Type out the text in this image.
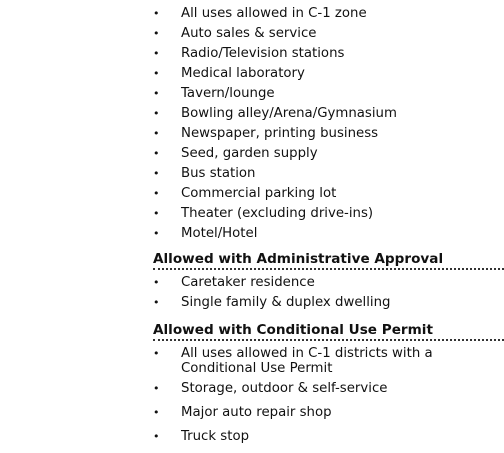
• All uses allowed in C-1 zone
• Auto sales & service
• Radio/Television stations
• Medical laboratory
• Tavern/lounge
• Bowling alley/Arena/Gymnasium
• Newspaper, printing business
• Seed, garden supply
• Bus station
• Commercial parking lot
• Theater (excluding drive-ins)
• Motel/Hotel
Allowed with Administrative Approval
• Caretaker residence
• Single family & duplex dwelling
Allowed with Conditional Use Permit
• All uses allowed in C-1 districts with a Conditional Use Permit
• Storage, outdoor & self-service
• Major auto repair shop
• Truck stop
